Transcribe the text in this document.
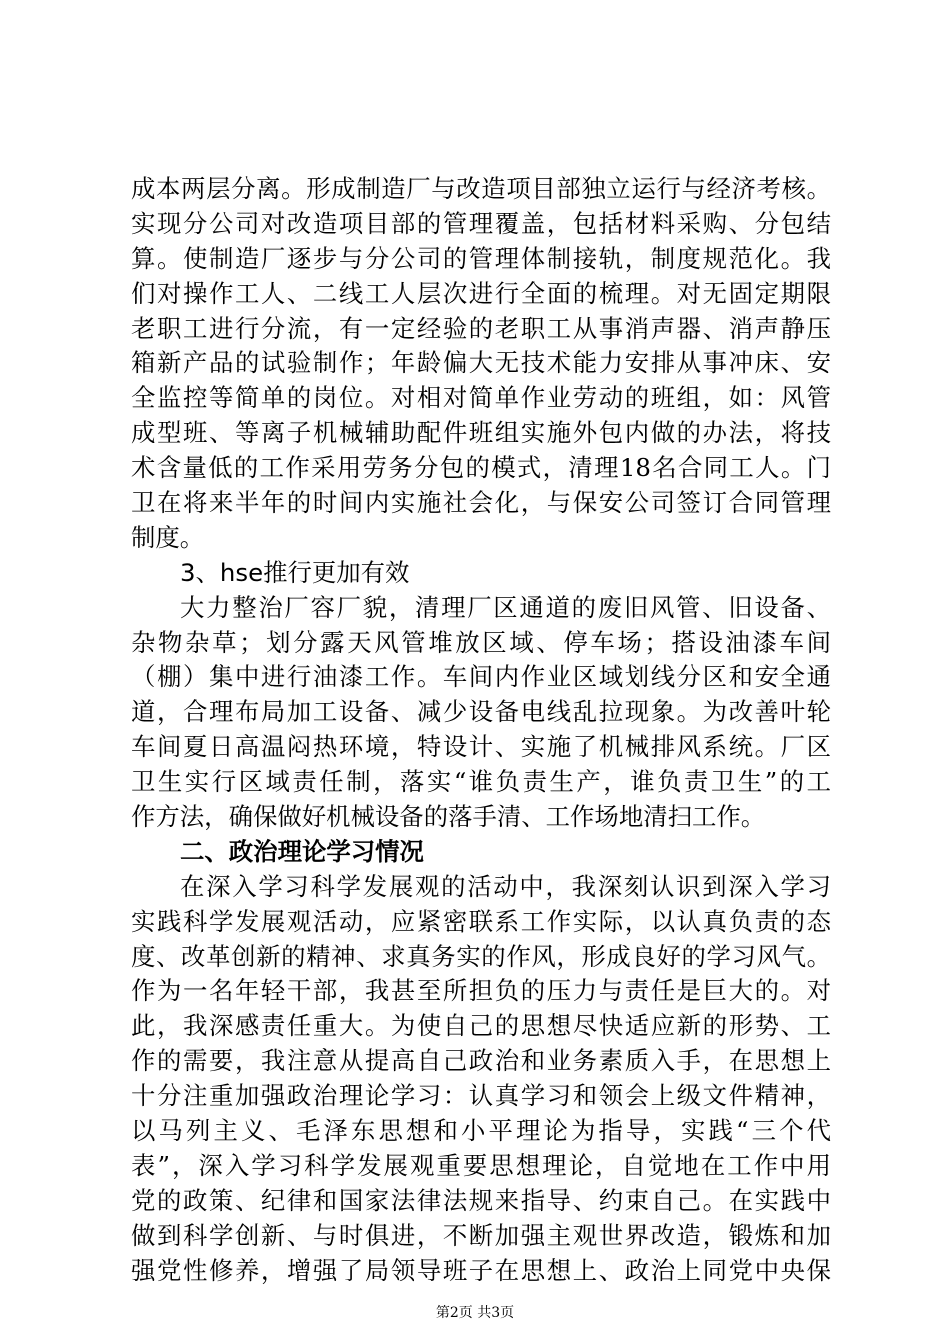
成本两层分离。形成制造厂与改造项目部独立运行与经济考核。
实现分公司对改造项目部的管理覆盖，包括材料采购、分包结
算。使制造厂逐步与分公司的管理体制接轨，制度规范化。我
们对操作工人、二线工人层次进行全面的梳理。对无固定期限
老职工进行分流，有一定经验的老职工从事消声器、消声静压
箱新产品的试验制作；年龄偏大无技术能力安排从事冲床、安
全监控等简单的岗位。对相对简单作业劳动的班组，如：风管
成型班、等离子机械辅助配件班组实施外包内做的办法，将技
术含量低的工作采用劳务分包的模式，清理18名合同工人。门
卫在将来半年的时间内实施社会化，与保安公司签订合同管理
制度。
3、hse推行更加有效
大力整治厂容厂貌，清理厂区通道的废旧风管、旧设备、
杂物杂草；划分露天风管堆放区域、停车场；搭设油漆车间
（棚）集中进行油漆工作。车间内作业区域划线分区和安全通
道，合理布局加工设备、减少设备电线乱拉现象。为改善叶轮
车间夏日高温闷热环境，特设计、实施了机械排风系统。厂区
卫生实行区域责任制，落实“谁负责生产，谁负责卫生”的工
作方法，确保做好机械设备的落手清、工作场地清扫工作。
二、政治理论学习情况
在深入学习科学发展观的活动中，我深刻认识到深入学习
实践科学发展观活动，应紧密联系工作实际，以认真负责的态
度、改革创新的精神、求真务实的作风，形成良好的学习风气。
作为一名年轻干部，我甚至所担负的压力与责任是巨大的。对
此，我深感责任重大。为使自己的思想尽快适应新的形势、工
作的需要，我注意从提高自己政治和业务素质入手，在思想上
十分注重加强政治理论学习：认真学习和领会上级文件精神，
以马列主义、毛泽东思想和小平理论为指导，实践“三个代
表”，深入学习科学发展观重要思想理论，自觉地在工作中用
党的政策、纪律和国家法律法规来指导、约束自己。在实践中
做到科学创新、与时俱进，不断加强主观世界改造，锻炼和加
强党性修养，增强了局领导班子在思想上、政治上同党中央保
第2页 共3页
